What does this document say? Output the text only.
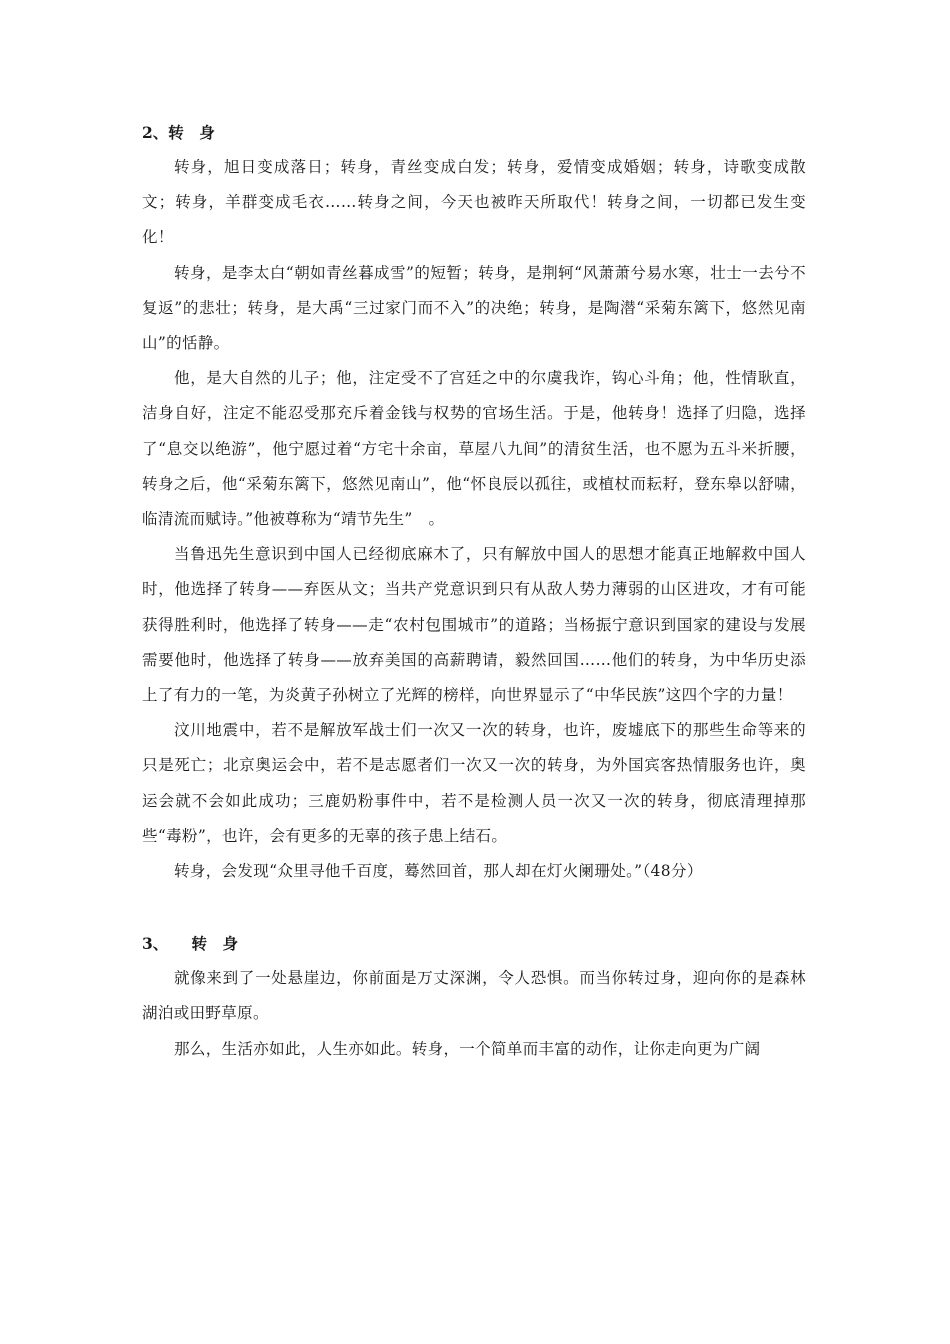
2、转　身

转身，旭日变成落日；转身，青丝变成白发；转身，爱情变成婚姻；转身，诗歌变成散文；转身，羊群变成毛衣……转身之间，今天也被昨天所取代！转身之间，一切都已发生变化！

转身，是李太白“朝如青丝暮成雪”的短暂；转身，是荆轲“风萧萧兮易水寒，壮士一去兮不复返”的悲壮；转身，是大禹“三过家门而不入”的决绝；转身，是陶潜“采菊东篱下，悠然见南山”的恬静。

他，是大自然的儿子；他，注定受不了宫廷之中的尔虞我诈，钩心斗角；他，性情耿直，洁身自好，注定不能忍受那充斥着金钱与权势的官场生活。于是，他转身！选择了归隐，选择了“息交以绝游”，他宁愿过着“方宅十余亩，草屋八九间”的清贫生活，也不愿为五斗米折腰，转身之后，他“采菊东篱下，悠然见南山”，他“怀良辰以孤往，或植杖而耘耔，登东皋以舒啸，临清流而赋诗。”他被尊称为“靖节先生”　。

当鲁迅先生意识到中国人已经彻底麻木了，只有解放中国人的思想才能真正地解救中国人时，他选择了转身——弃医从文；当共产党意识到只有从敌人势力薄弱的山区进攻，才有可能获得胜利时，他选择了转身——走“农村包围城市”的道路；当杨振宁意识到国家的建设与发展需要他时，他选择了转身——放弃美国的高薪聘请，毅然回国……他们的转身，为中华历史添上了有力的一笔，为炎黄子孙树立了光辉的榜样，向世界显示了“中华民族”这四个字的力量！

汶川地震中，若不是解放军战士们一次又一次的转身，也许，废墟底下的那些生命等来的只是死亡；北京奥运会中，若不是志愿者们一次又一次的转身，为外国宾客热情服务也许，奥运会就不会如此成功；三鹿奶粉事件中，若不是检测人员一次又一次的转身，彻底清理掉那些“毒粉”，也许，会有更多的无辜的孩子患上结石。

转身，会发现“众里寻他千百度，蓦然回首，那人却在灯火阑珊处。”（48分）

3、　　转　身

就像来到了一处悬崖边，你前面是万丈深渊，令人恐惧。而当你转过身，迎向你的是森林湖泊或田野草原。

那么，生活亦如此，人生亦如此。转身，一个简单而丰富的动作，让你走向更为广阔
